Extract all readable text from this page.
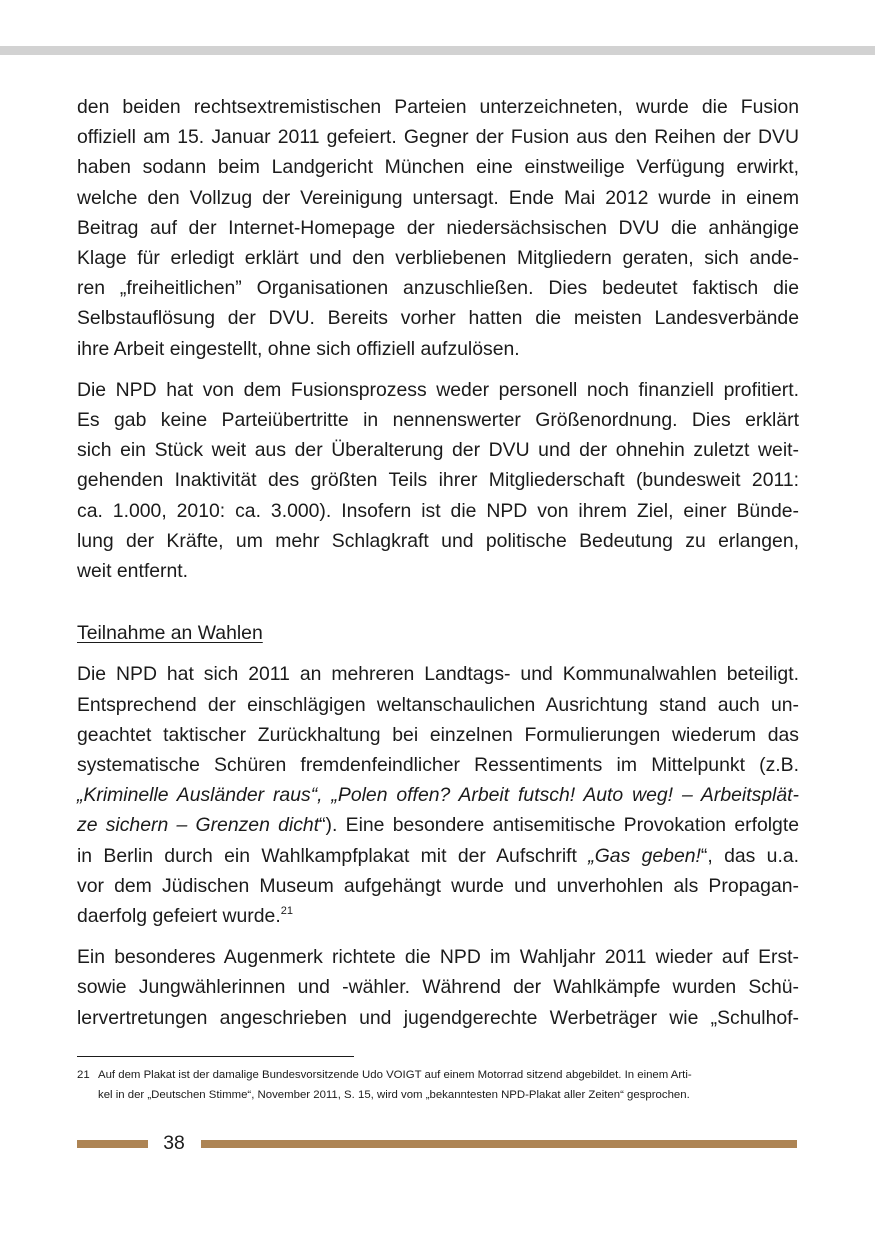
den beiden rechtsextremistischen Parteien unterzeichneten, wurde die Fusion
offiziell am 15. Januar 2011 gefeiert. Gegner der Fusion aus den Reihen der DVU
haben sodann beim Landgericht München eine einstweilige Verfügung erwirkt,
welche den Vollzug der Vereinigung untersagt. Ende Mai 2012 wurde in einem
Beitrag auf der Internet-Homepage der niedersächsischen DVU die anhängige
Klage für erledigt erklärt und den verbliebenen Mitgliedern geraten, sich ande-
ren „freiheitlichen” Organisationen anzuschließen. Dies bedeutet faktisch die
Selbstauflösung der DVU. Bereits vorher hatten die meisten Landesverbände
ihre Arbeit eingestellt, ohne sich offiziell aufzulösen.
Die NPD hat von dem Fusionsprozess weder personell noch finanziell profitiert.
Es gab keine Parteiübertritte in nennenswerter Größenordnung. Dies erklärt
sich ein Stück weit aus der Überalterung der DVU und der ohnehin zuletzt weit-
gehenden Inaktivität des größten Teils ihrer Mitgliederschaft (bundesweit 2011:
ca. 1.000, 2010: ca. 3.000). Insofern ist die NPD von ihrem Ziel, einer Bünde-
lung der Kräfte, um mehr Schlagkraft und politische Bedeutung zu erlangen,
weit entfernt.
Teilnahme an Wahlen
Die NPD hat sich 2011 an mehreren Landtags- und Kommunalwahlen beteiligt.
Entsprechend der einschlägigen weltanschaulichen Ausrichtung stand auch un-
geachtet taktischer Zurückhaltung bei einzelnen Formulierungen wiederum das
systematische Schüren fremdenfeindlicher Ressentiments im Mittelpunkt (z.B.
„Kriminelle Ausländer raus“, „Polen offen? Arbeit futsch! Auto weg! – Arbeitsplät-
ze sichern – Grenzen dicht“). Eine besondere antisemitische Provokation erfolgte
in Berlin durch ein Wahlkampfplakat mit der Aufschrift „Gas geben!“, das u.a.
vor dem Jüdischen Museum aufgehängt wurde und unverhohlen als Propagan-
daerfolg gefeiert wurde.$^{21}$
Ein besonderes Augenmerk richtete die NPD im Wahljahr 2011 wieder auf Erst-
sowie Jungwählerinnen und -wähler. Während der Wahlkämpfe wurden Schü-
lervertretungen angeschrieben und jugendgerechte Werbeträger wie „Schulhof-
21 Auf dem Plakat ist der damalige Bundesvorsitzende Udo VOIGT auf einem Motorrad sitzend abgebildet. In einem Arti-
kel in der „Deutschen Stimme“, November 2011, S. 15, wird vom „bekanntesten NPD-Plakat aller Zeiten“ gesprochen.
38
